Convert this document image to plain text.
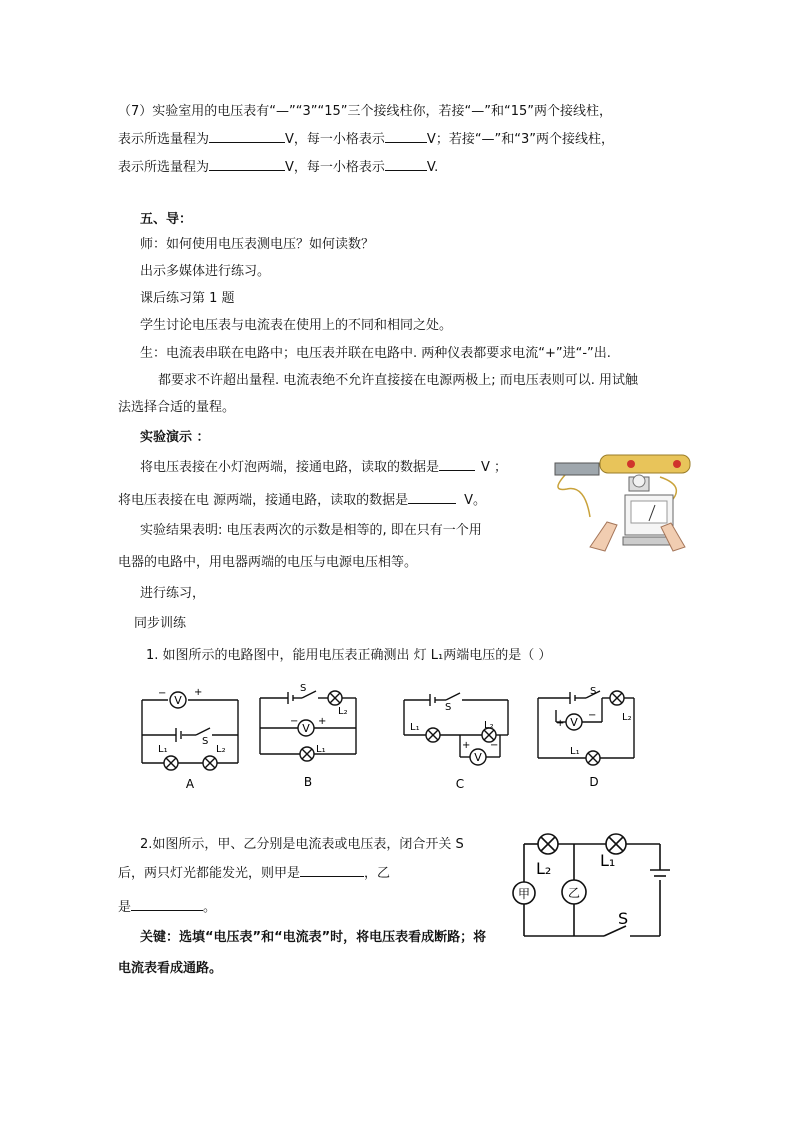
（7）实验室用的电压表有“—”“3”“15”三个接线柱你，若接“—”和“15”两个接线柱，
表示所选量程为	V，每一小格表示	V；若接“—”和“3”两个接线柱，
表示所选量程为	V，每一小格表示	V.
五、导：
师：如何使用电压表测电压？如何读数？
出示多媒体进行练习。
课后练习第 1 题
学生讨论电压表与电流表在使用上的不同和相同之处。
生：电流表串联在电路中；电压表并联在电路中. 两种仪表都要求电流“+”进“-”出.
都要求不许超出量程. 电流表绝不允许直接接在电源两极上; 而电压表则可以. 用试触
法选择合适的量程。
实验演示 ：
将电压表接在小灯泡两端，接通电路，读取的数据是	V ；
将电压表接在电 源两端，接通电路，读取的数据是	V。
实验结果表明: 电压表两次的示数是相等的, 即在只有一个用
电器的电路中，用电器两端的电压与电源电压相等。
进行练习，
同步训练
1. 如图所示的电路图中，能用电压表正确测出 灯 L₁两端电压的是（ ）
V
−	+
S
L₁	L₂
A
S
L₂
V
− +
L₁
B
S
L₁	L₂
V
+ −
C
S
L₂
V
+
−
L₁
D
2.如图所示，甲、乙分别是电流表或电压表，闭合开关 S
后，两只灯光都能发光，则甲是	，乙
是	。
关键：选填“电压表”和“电流表”时，将电压表看成断路；将
电流表看成通路。
甲	乙
L₂	L₁
S
